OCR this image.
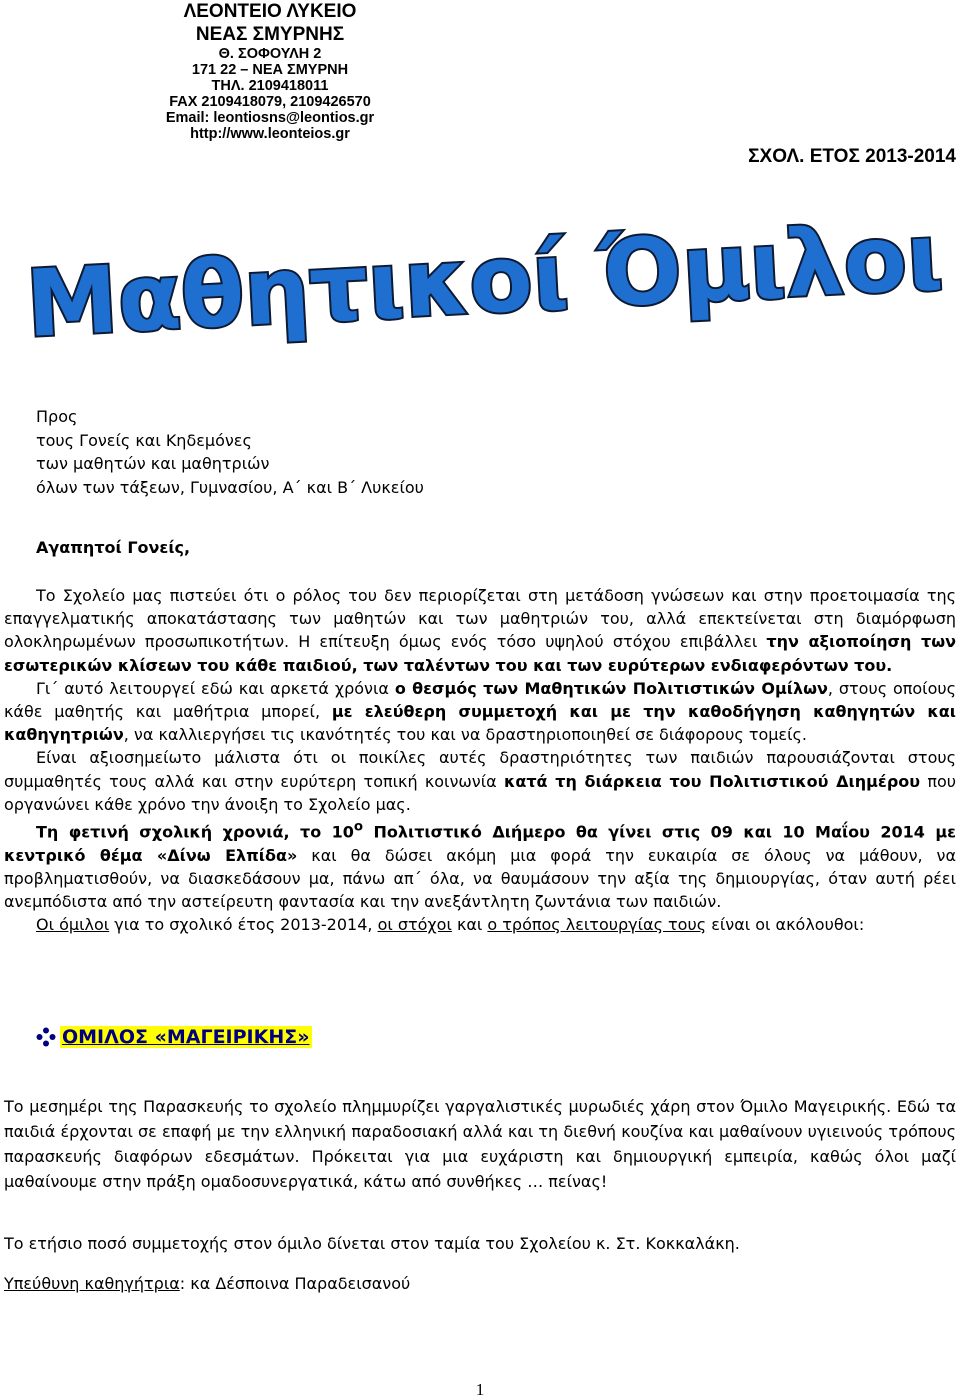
ΛΕΟΝΤΕΙΟ ΛΥΚΕΙΟ
ΝΕΑΣ ΣΜΥΡΝΗΣ
Θ. ΣΟΦΟΥΛΗ 2
171 22 – ΝΕΑ ΣΜΥΡΝΗ
ΤΗΛ. 2109418011
FAX 2109418079, 2109426570
Email: leontiosns@leontios.gr
http://www.leonteios.gr
ΣΧΟΛ. ΕΤΟΣ 2013-2014
Μαθητικοί Όμιλοι
Προς
τους Γονείς και Κηδεμόνες
των μαθητών και μαθητριών
όλων των τάξεων, Γυμνασίου, Α΄ και Β΄ Λυκείου
Αγαπητοί Γονείς,

Το Σχολείο μας πιστεύει ότι ο ρόλος του δεν περιορίζεται στη μετάδοση γνώσεων και στην προετοιμασία της επαγγελματικής αποκατάστασης των μαθητών και των μαθητριών του, αλλά επεκτείνεται στη διαμόρφωση ολοκληρωμένων προσωπικοτήτων. Η επίτευξη όμως ενός τόσο υψηλού στόχου επιβάλλει την αξιοποίηση των εσωτερικών κλίσεων του κάθε παιδιού, των ταλέντων του και των ευρύτερων ενδιαφερόντων του.

Γι΄ αυτό λειτουργεί εδώ και αρκετά χρόνια ο θεσμός των Μαθητικών Πολιτιστικών Ομίλων, στους οποίους κάθε μαθητής και μαθήτρια μπορεί, με ελεύθερη συμμετοχή και με την καθοδήγηση καθηγητών και καθηγητριών, να καλλιεργήσει τις ικανότητές του και να δραστηριοποιηθεί σε διάφορους τομείς.

Είναι αξιοσημείωτο μάλιστα ότι οι ποικίλες αυτές δραστηριότητες των παιδιών παρουσιάζονται στους συμμαθητές τους αλλά και στην ευρύτερη τοπική κοινωνία κατά τη διάρκεια του Πολιτιστικού Διημέρου που οργανώνει κάθε χρόνο την άνοιξη το Σχολείο μας.

Τη φετινή σχολική χρονιά, το $10^o$ Πολιτιστικό Διήμερο θα γίνει στις 09 και 10 Μαΐου 2014 με κεντρικό θέμα «Δίνω Ελπίδα» και θα δώσει ακόμη μια φορά την ευκαιρία σε όλους να μάθουν, να προβληματισθούν, να διασκεδάσουν μα, πάνω απ΄ όλα, να θαυμάσουν την αξία της δημιουργίας, όταν αυτή ρέει ανεμπόδιστα από την αστείρευτη φαντασία και την ανεξάντλητη ζωντάνια των παιδιών.

Οι όμιλοι για το σχολικό έτος 2013-2014, οι στόχοι και ο τρόπος λειτουργίας τους είναι οι ακόλουθοι:

ΟΜΙΛΟΣ «ΜΑΓΕΙΡΙΚΗΣ»

Το μεσημέρι της Παρασκευής το σχολείο πλημμυρίζει γαργαλιστικές μυρωδιές χάρη στον Όμιλο Μαγειρικής. Εδώ τα παιδιά έρχονται σε επαφή με την ελληνική παραδοσιακή αλλά και τη διεθνή κουζίνα και μαθαίνουν υγιεινούς τρόπους παρασκευής διαφόρων εδεσμάτων. Πρόκειται για μια ευχάριστη και δημιουργική εμπειρία, καθώς όλοι μαζί μαθαίνουμε στην πράξη ομαδοσυνεργατικά, κάτω από συνθήκες … πείνας!

Το ετήσιο ποσό συμμετοχής στον όμιλο δίνεται στον ταμία του Σχολείου κ. Στ. Κοκκαλάκη.
Υπεύθυνη καθηγήτρια: κα Δέσποινα Παραδεισανού
1
